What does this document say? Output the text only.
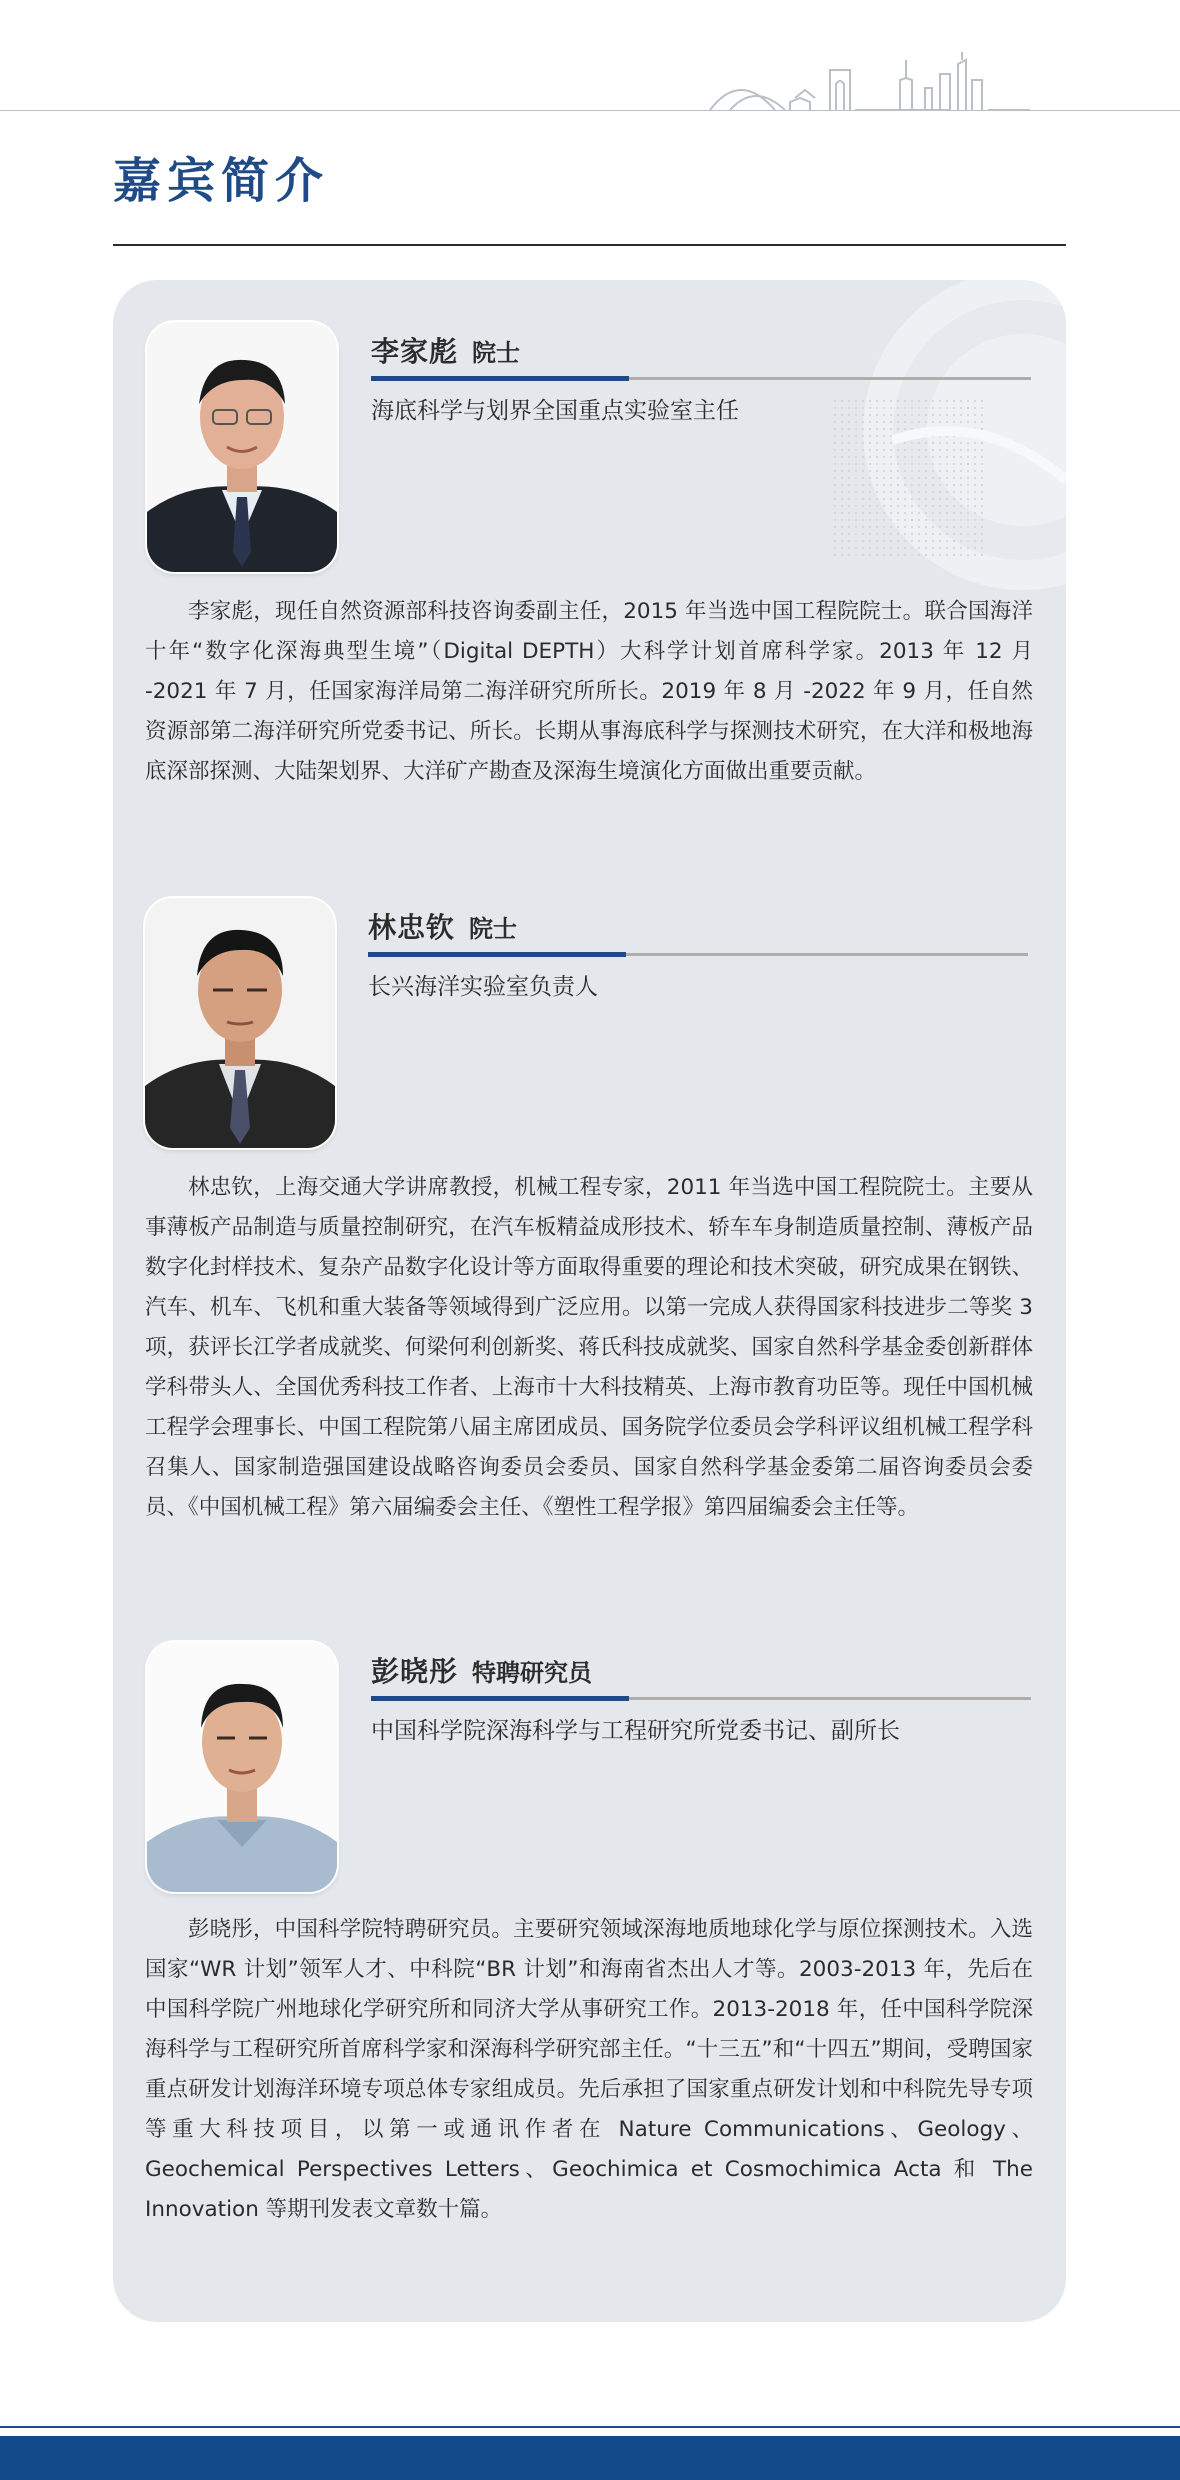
嘉宾简介
李家彪 院士
海底科学与划界全国重点实验室主任

李家彪，现任自然资源部科技咨询委副主任，2015 年当选中国工程院院士。联合国海洋十年“数字化深海典型生境”（Digital DEPTH）大科学计划首席科学家。2013 年 12 月 -2021 年 7 月，任国家海洋局第二海洋研究所所长。2019 年 8 月 -2022 年 9 月，任自然资源部第二海洋研究所党委书记、所长。长期从事海底科学与探测技术研究，在大洋和极地海底深部探测、大陆架划界、大洋矿产勘查及深海生境演化方面做出重要贡献。

林忠钦 院士
长兴海洋实验室负责人

林忠钦，上海交通大学讲席教授，机械工程专家，2011 年当选中国工程院院士。主要从事薄板产品制造与质量控制研究，在汽车板精益成形技术、轿车车身制造质量控制、薄板产品数字化封样技术、复杂产品数字化设计等方面取得重要的理论和技术突破，研究成果在钢铁、汽车、机车、飞机和重大装备等领域得到广泛应用。以第一完成人获得国家科技进步二等奖 3 项，获评长江学者成就奖、何梁何利创新奖、蒋氏科技成就奖、国家自然科学基金委创新群体学科带头人、全国优秀科技工作者、上海市十大科技精英、上海市教育功臣等。现任中国机械工程学会理事长、中国工程院第八届主席团成员、国务院学位委员会学科评议组机械工程学科召集人、国家制造强国建设战略咨询委员会委员、国家自然科学基金委第二届咨询委员会委员、《中国机械工程》第六届编委会主任、《塑性工程学报》第四届编委会主任等。

彭晓彤 特聘研究员
中国科学院深海科学与工程研究所党委书记、副所长

彭晓彤，中国科学院特聘研究员。主要研究领域深海地质地球化学与原位探测技术。入选国家“WR 计划”领军人才、中科院“BR 计划”和海南省杰出人才等。2003-2013 年，先后在中国科学院广州地球化学研究所和同济大学从事研究工作。2013-2018 年，任中国科学院深海科学与工程研究所首席科学家和深海科学研究部主任。“十三五”和“十四五”期间，受聘国家重点研发计划海洋环境专项总体专家组成员。先后承担了国家重点研发计划和中科院先导专项等重大科技项目，以第一或通讯作者在 Nature Communications、Geology、Geochemical Perspectives Letters、Geochimica et Cosmochimica Acta 和 The Innovation 等期刊发表文章数十篇。
